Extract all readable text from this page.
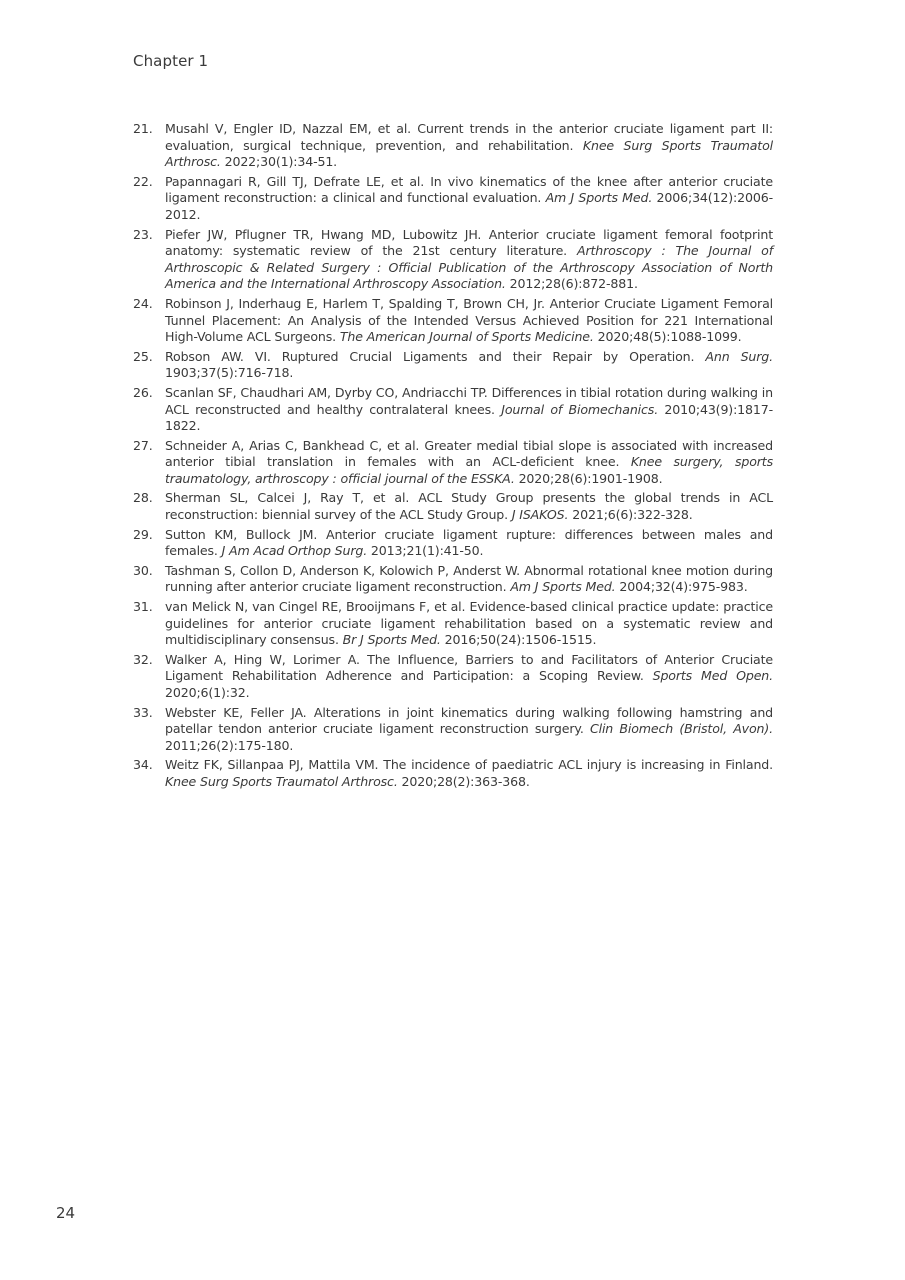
Chapter 1
21. Musahl V, Engler ID, Nazzal EM, et al. Current trends in the anterior cruciate ligament part II: evaluation, surgical technique, prevention, and rehabilitation. Knee Surg Sports Traumatol Arthrosc. 2022;30(1):34-51.
22. Papannagari R, Gill TJ, Defrate LE, et al. In vivo kinematics of the knee after anterior cruciate ligament reconstruction: a clinical and functional evaluation. Am J Sports Med. 2006;34(12):2006-2012.
23. Piefer JW, Pflugner TR, Hwang MD, Lubowitz JH. Anterior cruciate ligament femoral footprint anatomy: systematic review of the 21st century literature. Arthroscopy : The Journal of Arthroscopic & Related Surgery : Official Publication of the Arthroscopy Association of North America and the International Arthroscopy Association. 2012;28(6):872-881.
24. Robinson J, Inderhaug E, Harlem T, Spalding T, Brown CH, Jr. Anterior Cruciate Ligament Femoral Tunnel Placement: An Analysis of the Intended Versus Achieved Position for 221 International High-Volume ACL Surgeons. The American Journal of Sports Medicine. 2020;48(5):1088-1099.
25. Robson AW. VI. Ruptured Crucial Ligaments and their Repair by Operation. Ann Surg. 1903;37(5):716-718.
26. Scanlan SF, Chaudhari AM, Dyrby CO, Andriacchi TP. Differences in tibial rotation during walking in ACL reconstructed and healthy contralateral knees. Journal of Biomechanics. 2010;43(9):1817-1822.
27. Schneider A, Arias C, Bankhead C, et al. Greater medial tibial slope is associated with increased anterior tibial translation in females with an ACL-deficient knee. Knee surgery, sports traumatology, arthroscopy : official journal of the ESSKA. 2020;28(6):1901-1908.
28. Sherman SL, Calcei J, Ray T, et al. ACL Study Group presents the global trends in ACL reconstruction: biennial survey of the ACL Study Group. J ISAKOS. 2021;6(6):322-328.
29. Sutton KM, Bullock JM. Anterior cruciate ligament rupture: differences between males and females. J Am Acad Orthop Surg. 2013;21(1):41-50.
30. Tashman S, Collon D, Anderson K, Kolowich P, Anderst W. Abnormal rotational knee motion during running after anterior cruciate ligament reconstruction. Am J Sports Med. 2004;32(4):975-983.
31. van Melick N, van Cingel RE, Brooijmans F, et al. Evidence-based clinical practice update: practice guidelines for anterior cruciate ligament rehabilitation based on a systematic review and multidisciplinary consensus. Br J Sports Med. 2016;50(24):1506-1515.
32. Walker A, Hing W, Lorimer A. The Influence, Barriers to and Facilitators of Anterior Cruciate Ligament Rehabilitation Adherence and Participation: a Scoping Review. Sports Med Open. 2020;6(1):32.
33. Webster KE, Feller JA. Alterations in joint kinematics during walking following hamstring and patellar tendon anterior cruciate ligament reconstruction surgery. Clin Biomech (Bristol, Avon). 2011;26(2):175-180.
34. Weitz FK, Sillanpaa PJ, Mattila VM. The incidence of paediatric ACL injury is increasing in Finland. Knee Surg Sports Traumatol Arthrosc. 2020;28(2):363-368.
24
